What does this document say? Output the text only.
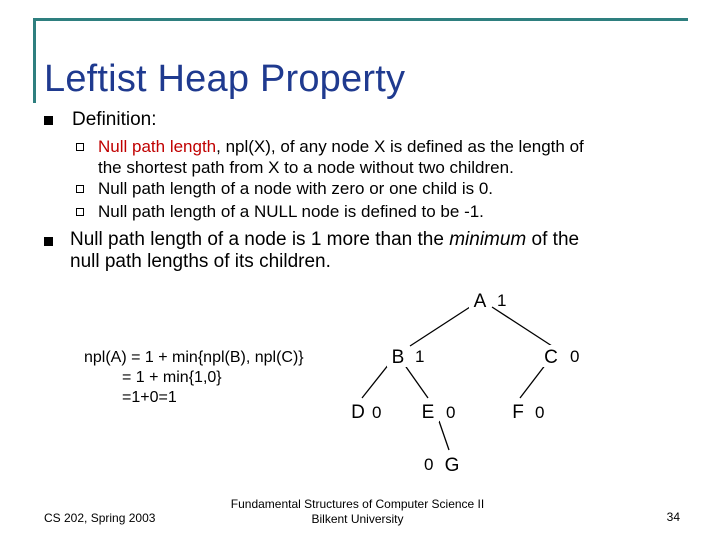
Leftist Heap Property
Definition:
Null path length, npl(X), of any node X is defined as the length of
the shortest path from X to a node without two children.
Null path length of a node with zero or one child is 0.
Null path length of a NULL node is defined to be -1.
Null path length of a node is 1 more than the minimum of the
null path lengths of its children.
npl(A) = 1 + min{npl(B), npl(C)}
= 1 + min{1,0}
=1+0=1
A
B	C
D	E	F
G
1
1	0
0	0	0
0
CS 202, Spring 2003
Fundamental Structures of Computer Science II
Bilkent University	34
